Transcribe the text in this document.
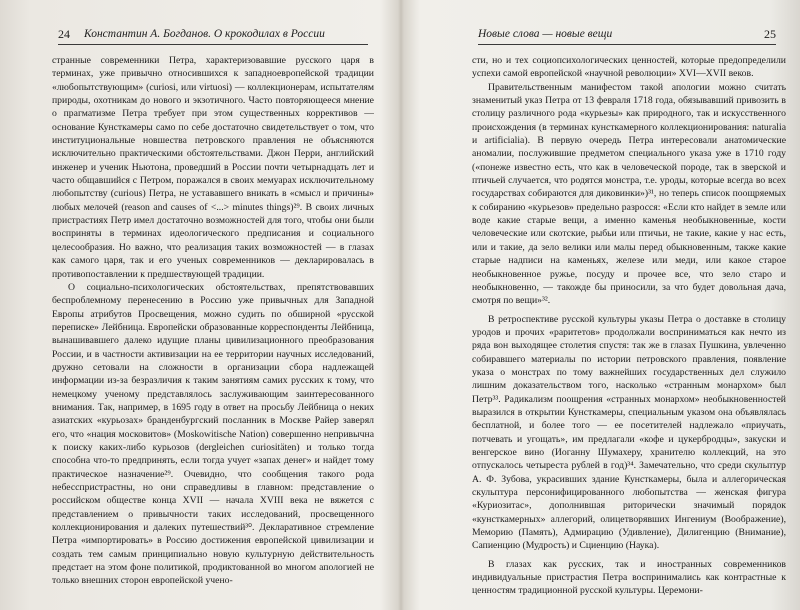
24 Константин А. Богданов. О крокодилах в России

странные современники Петра, характеризовавшие русского царя в терминах, уже привычно относившихся к западноевропейской традиции «любопытствующим» (curiosi, или virtuosi) — коллекционерам, испытателям природы, охотникам до нового и экзотичного. Часто повторяющееся мнение о прагматизме Петра требует при этом существенных коррективов — основание Кунсткамеры само по себе достаточно свидетельствует о том, что институциональные новшества петровского правления не объясняются исключительно практическими обстоятельствами. Джон Перри, английский инженер и ученик Ньютона, проведший в России почти четырнадцать лет и часто общавшийся с Петром, поражался в своих мемуарах исключительному любопытству (curious) Петра, не устававшего вникать в «смысл и причины» любых мелочей (reason and causes of <...> minutes things)²⁹. В своих личных пристрастиях Петр имел достаточно возможностей для того, чтобы они были восприняты в терминах идеологического предписания и социального целесообразия. Но важно, что реализация таких возможностей — в глазах как самого царя, так и его ученых современников — декларировалась в противопоставлении к предшествующей традиции.

О социально-психологических обстоятельствах, препятствовавших беспроблемному перенесению в Россию уже привычных для Западной Европы атрибутов Просвещения, можно судить по обширной «русской переписке» Лейбница. Европейски образованные корреспонденты Лейбница, вынашивавшего далеко идущие планы цивилизационного преобразования России, и в частности активизации на ее территории научных исследований, дружно сетовали на сложности в организации сбора надлежащей информации из-за безразличия к таким занятиям самих русских к тому, что немецкому ученому представлялось заслуживающим заинтересованного внимания. Так, например, в 1695 году в ответ на просьбу Лейбница о неких азиатских «курьозах» бранденбургский посланник в Москве Райер заверял его, что «нация московитов» (Moskowitische Nation) совершенно непривычна к поиску каких-либо курьозов (dergleichen curiositäten) и только тогда способна что-то предпринять, если тогда учует «запах денег» и найдет тому практическое назначение²⁹. Очевидно, что сообщения такого рода небесспристрастны, но они справедливы в главном: представление о российском обществе конца XVII — начала XVIII века не вяжется с представлением о привычности таких исследований, просвещенного коллекционирования и далеких путешествий³⁰. Декларативное стремление Петра «импортировать» в Россию достижения европейской цивилизации и создать тем самым принципиально новую культурную действительность предстает на этом фоне политикой, продиктованной во многом апологией не только внешних сторон европейской учено-

Новые слова — новые вещи	25

сти, но и тех социопсихологических ценностей, которые предопределили успехи самой европейской «научной революции» XVI—XVII веков.

Правительственным манифестом такой апологии можно считать знаменитый указ Петра от 13 февраля 1718 года, обязывавший привозить в столицу различного рода «курьезы» как природного, так и искусственного происхождения (в терминах кунсткамерного коллекционирования: naturalia и artificialia). В первую очередь Петра интересовали анатомические аномалии, послужившие предметом специального указа уже в 1710 году («понеже известно есть, что как в человеческой породе, так в зверской и птичьей случается, что родятся монстра, т.е. уроды, которые всегда во всех государствах собираются для диковинки»)³¹, но теперь список поощряемых к собиранию «курьезов» предельно разросся: «Если кто найдет в земле или воде какие старые вещи, а именно каменья необыкновенные, кости человеческие или скотские, рыбьи или птичьи, не такие, какие у нас есть, или и такие, да зело велики или малы перед обыкновенным, также какие старые надписи на каменьях, железе или меди, или какое старое необыкновенное ружье, посуду и прочее все, что зело старо и необыкновенно, — такожде бы приносили, за что будет довольная дача, смотря по вещи»³².

В ретроспективе русской культуры указы Петра о доставке в столицу уродов и прочих «раритетов» продолжали восприниматься как нечто из ряда вон выходящее столетия спустя: так же в глазах Пушкина, увлеченно собиравшего материалы по истории петровского правления, появление указа о монстрах по тому важнейших государственных дел служило лишним доказательством того, насколько «странным монархом» был Петр³³. Радикализм поощрения «странных монархом» необыкновенностей выразился в открытии Кунсткамеры, специальным указом она объявлялась бесплатной, и более того — ее посетителей надлежало «приучать, потчевать и угощать», им предлагали «кофе и цукербродцы», закуски и венгерское вино (Иоганну Шумахеру, хранителю коллекций, на это отпускалось четыреста рублей в год)³⁴. Замечательно, что среди скульптур А. Ф. Зубова, украсивших здание Кунсткамеры, была и аллегорическая скульптура персонифицированного любопытства — женская фигура «Куриозитас», дополнившая риторически значимый порядок «кунсткамерных» аллегорий, олицетворявших Ингениум (Воображение), Меморию (Память), Адмирацию (Удивление), Дилигенцию (Внимание), Сапиенцию (Мудрость) и Сциенцию (Наука).

В глазах как русских, так и иностранных современников индивидуальные пристрастия Петра воспринимались как контрастные к ценностям традиционной русской культуры. Церемони-
